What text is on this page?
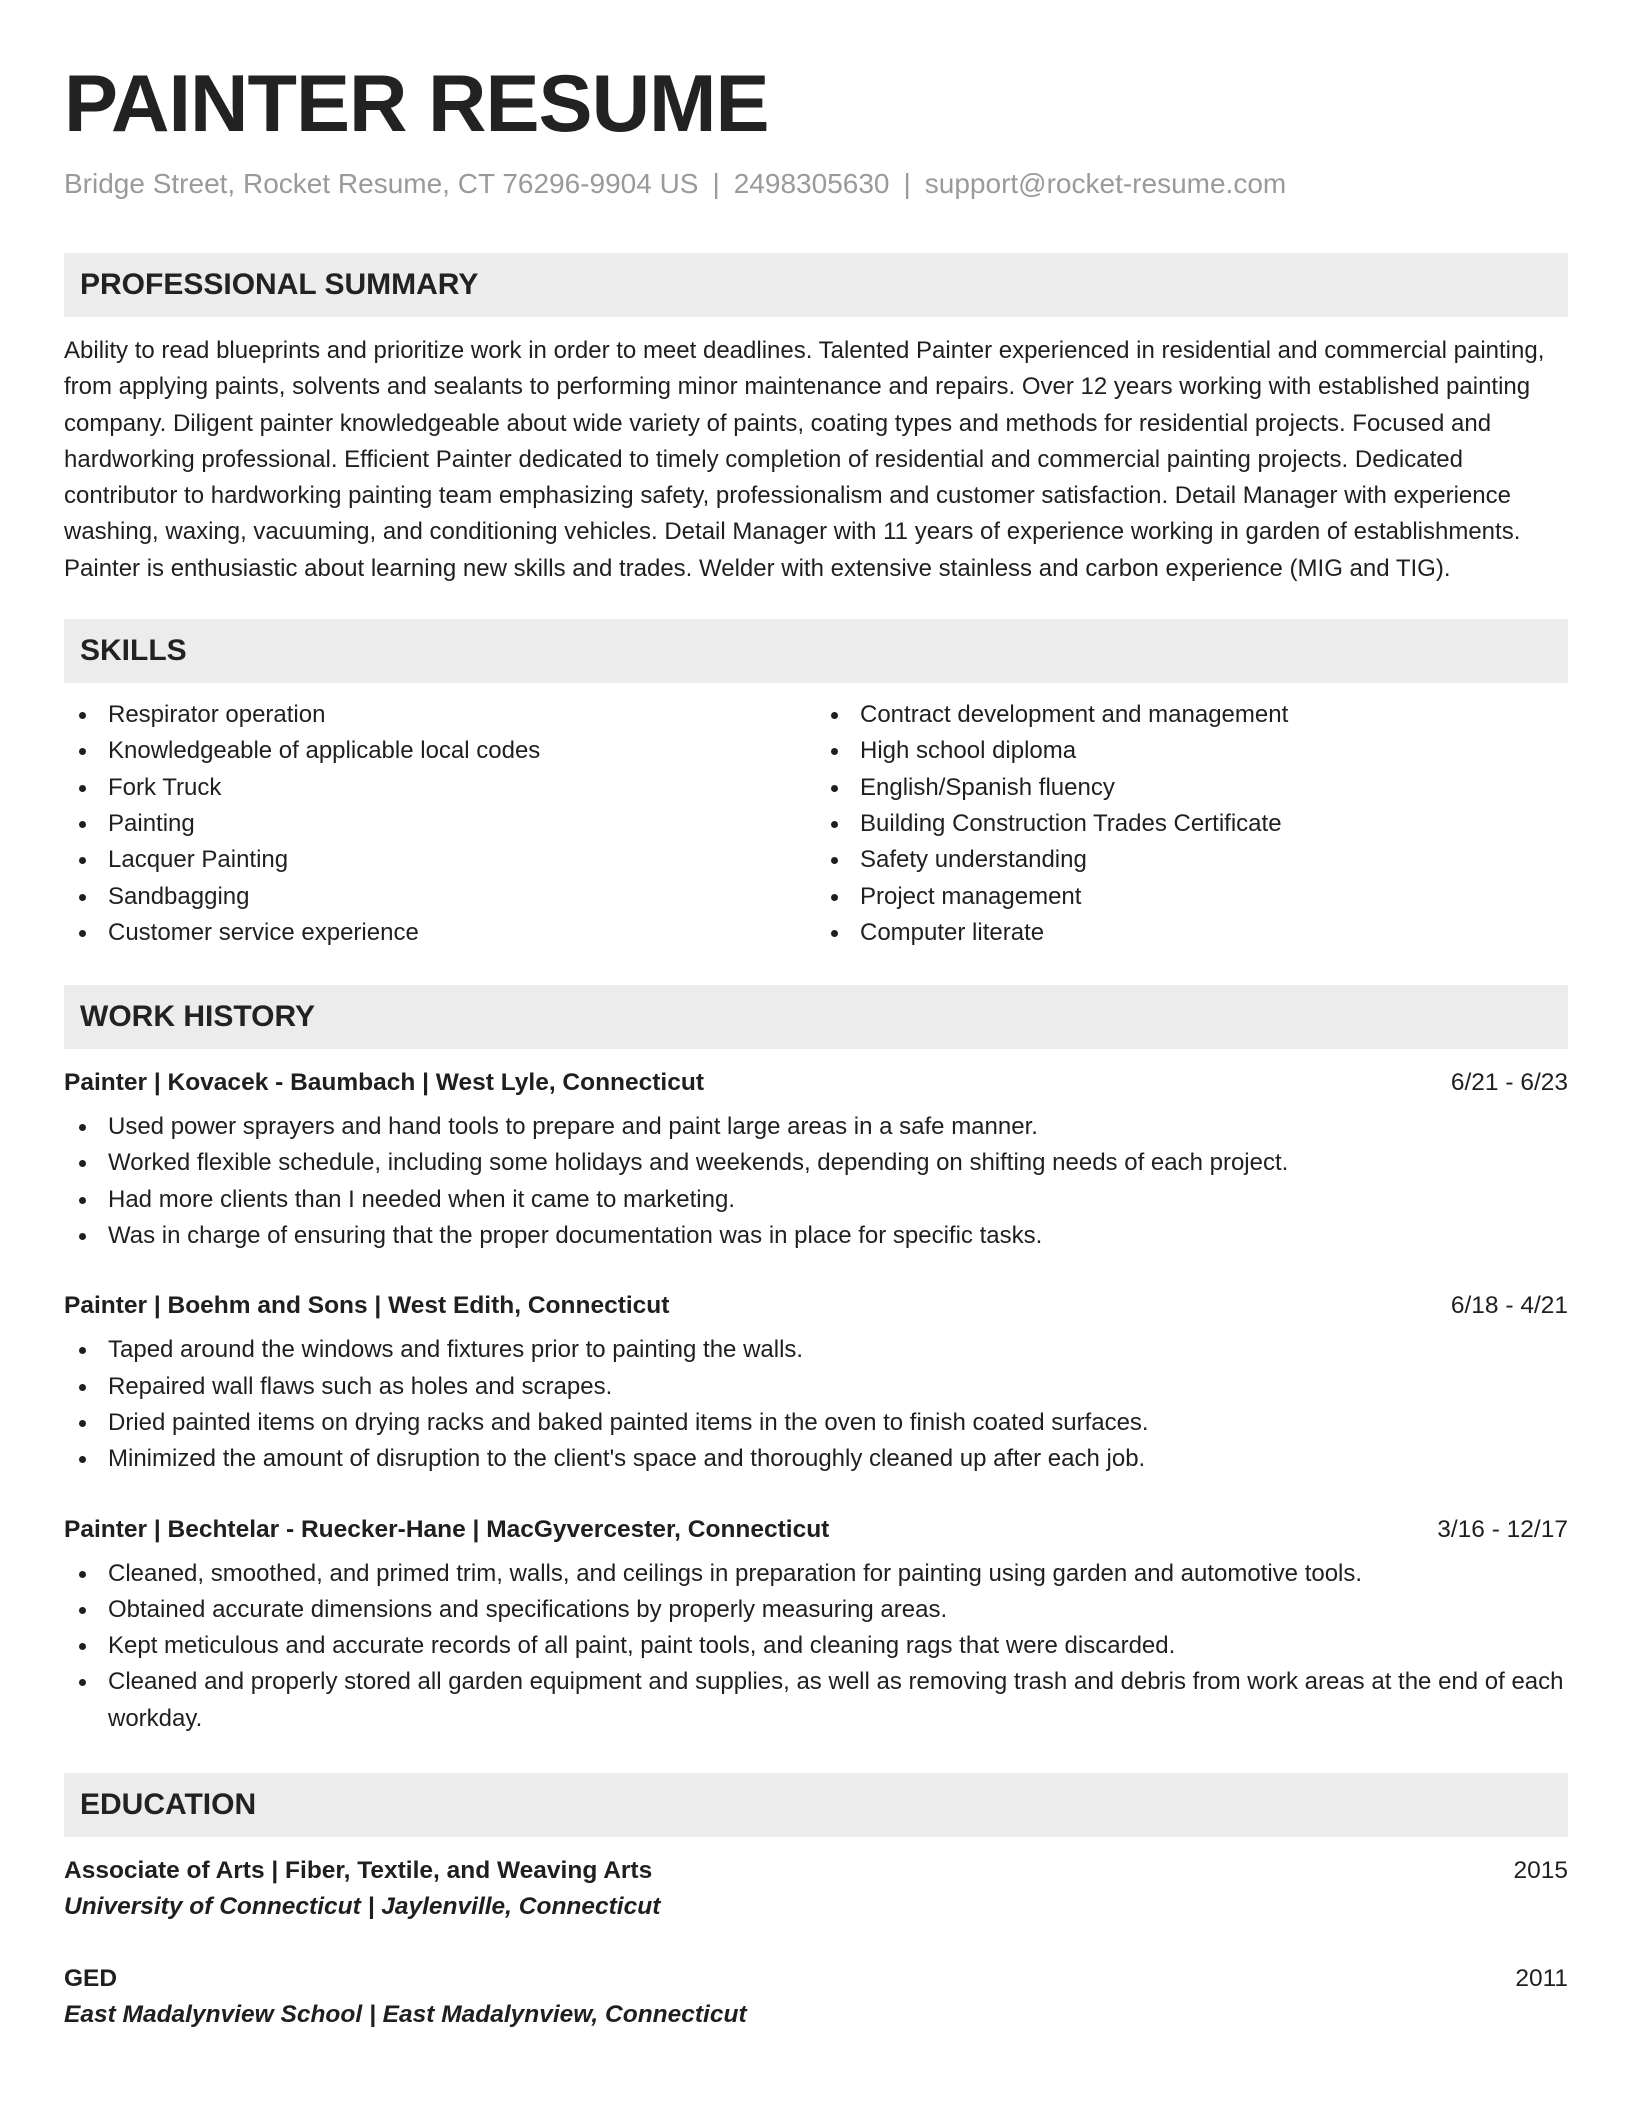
PAINTER RESUME
Bridge Street, Rocket Resume, CT 76296-9904 US | 2498305630 | support@rocket-resume.com
PROFESSIONAL SUMMARY

Ability to read blueprints and prioritize work in order to meet deadlines. Talented Painter experienced in residential and commercial painting, from applying paints, solvents and sealants to performing minor maintenance and repairs. Over 12 years working with established painting company. Diligent painter knowledgeable about wide variety of paints, coating types and methods for residential projects. Focused and hardworking professional. Efficient Painter dedicated to timely completion of residential and commercial painting projects. Dedicated contributor to hardworking painting team emphasizing safety, professionalism and customer satisfaction. Detail Manager with experience washing, waxing, vacuuming, and conditioning vehicles. Detail Manager with 11 years of experience working in garden of establishments. Painter is enthusiastic about learning new skills and trades. Welder with extensive stainless and carbon experience (MIG and TIG).

SKILLS
Respirator operation
Knowledgeable of applicable local codes
Fork Truck
Painting
Lacquer Painting
Sandbagging
Customer service experience
Contract development and management
High school diploma
English/Spanish fluency
Building Construction Trades Certificate
Safety understanding
Project management
Computer literate
WORK HISTORY
Painter | Kovacek - Baumbach | West Lyle, Connecticut	6/21 - 6/23
Used power sprayers and hand tools to prepare and paint large areas in a safe manner.
Worked flexible schedule, including some holidays and weekends, depending on shifting needs of each project.
Had more clients than I needed when it came to marketing.
Was in charge of ensuring that the proper documentation was in place for specific tasks.
Painter | Boehm and Sons | West Edith, Connecticut	6/18 - 4/21
Taped around the windows and fixtures prior to painting the walls.
Repaired wall flaws such as holes and scrapes.
Dried painted items on drying racks and baked painted items in the oven to finish coated surfaces.
Minimized the amount of disruption to the client's space and thoroughly cleaned up after each job.
Painter | Bechtelar - Ruecker-Hane | MacGyvercester, Connecticut	3/16 - 12/17
Cleaned, smoothed, and primed trim, walls, and ceilings in preparation for painting using garden and automotive tools.
Obtained accurate dimensions and specifications by properly measuring areas.
Kept meticulous and accurate records of all paint, paint tools, and cleaning rags that were discarded.
Cleaned and properly stored all garden equipment and supplies, as well as removing trash and debris from work areas at the end of each workday.
EDUCATION
Associate of Arts | Fiber, Textile, and Weaving Arts	2015
University of Connecticut | Jaylenville, Connecticut
GED	2011
East Madalynview School | East Madalynview, Connecticut
